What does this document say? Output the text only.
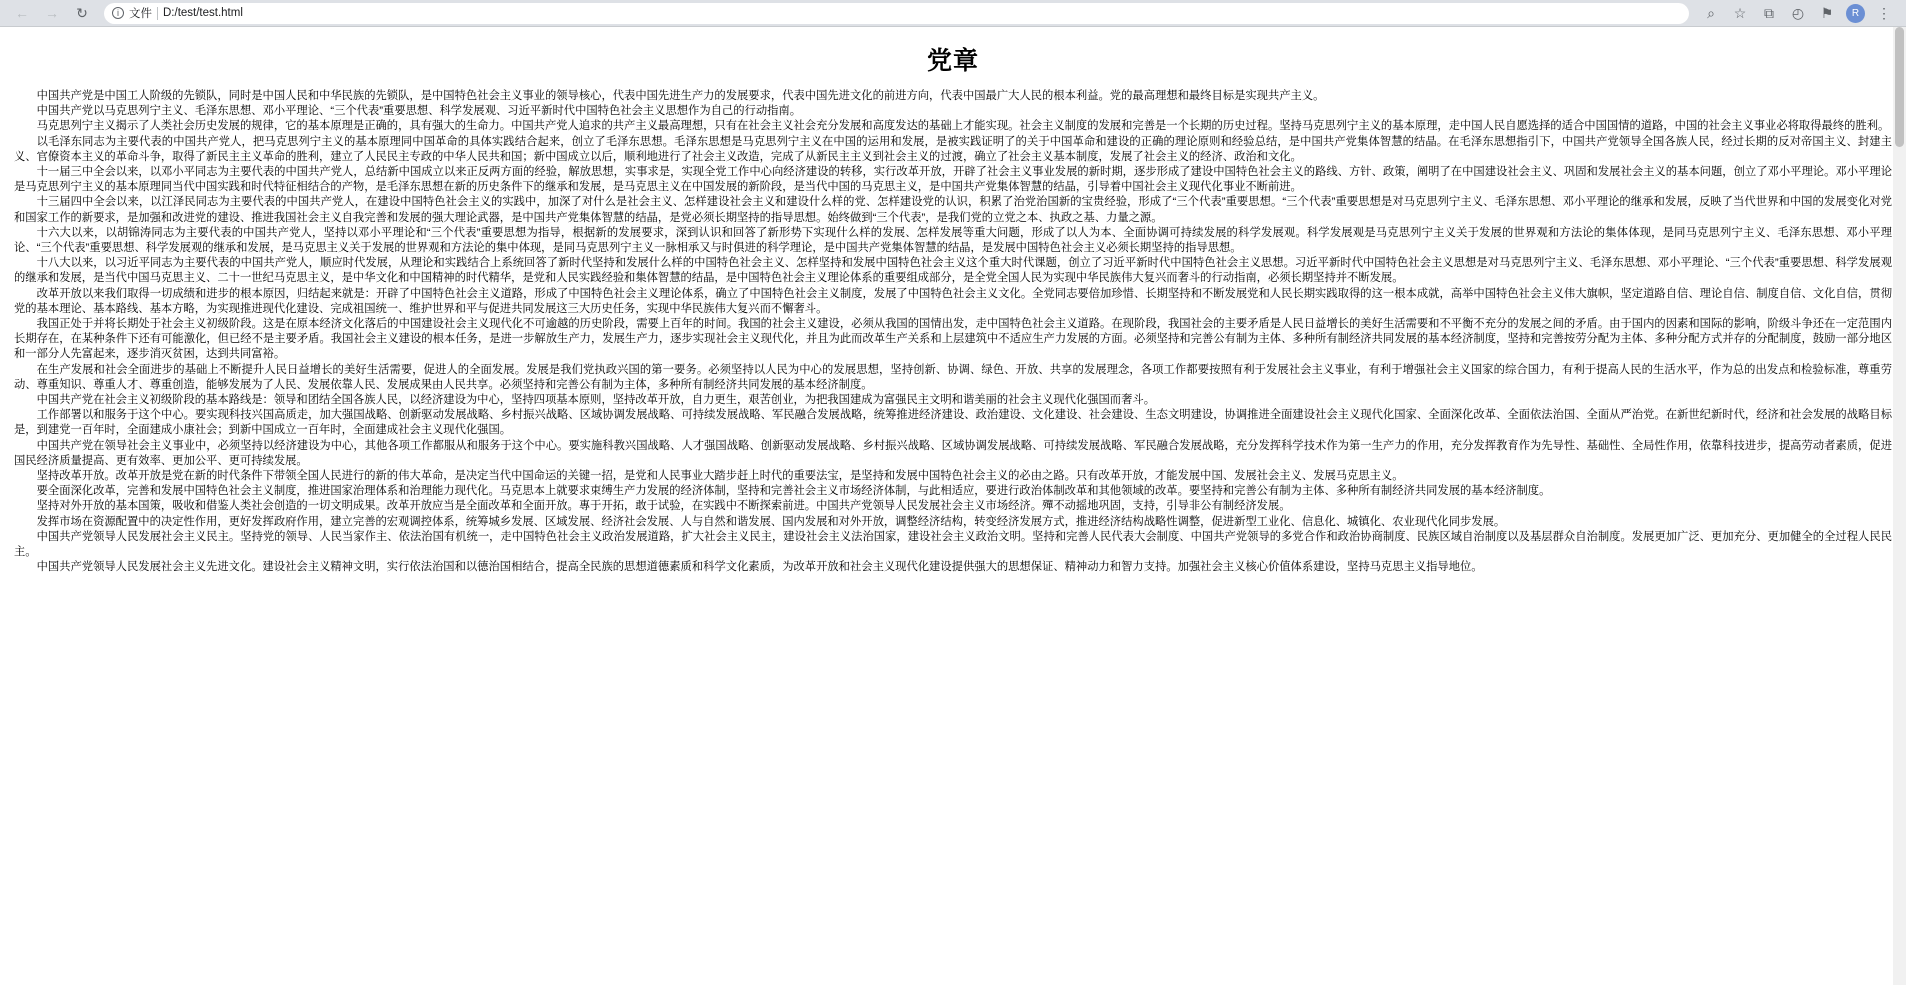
←	→	↻	i 文件 D:/test/test.html	⌕	☆	⧉	◴	⚑	R	⋮
党章

中国共产党是中国工人阶级的先锁队，同时是中国人民和中华民族的先锁队，是中国特色社会主义事业的领导核心，代表中国先进生产力的发展要求，代表中国先进文化的前进方向，代表中国最广大人民的根本利益。党的最高理想和最终目标是实现共产主义。

中国共产党以马克思列宁主义、毛泽东思想、邓小平理论、“三个代表”重要思想、科学发展观、习近平新时代中国特色社会主义思想作为自己的行动指南。

马克思列宁主义揭示了人类社会历史发展的规律，它的基本原理是正确的，具有强大的生命力。中国共产党人追求的共产主义最高理想，只有在社会主义社会充分发展和高度发达的基础上才能实现。社会主义制度的发展和完善是一个长期的历史过程。坚持马克思列宁主义的基本原理，走中国人民自愿选择的适合中国国情的道路，中国的社会主义事业必将取得最终的胜利。

以毛泽东同志为主要代表的中国共产党人，把马克思列宁主义的基本原理同中国革命的具体实践结合起来，创立了毛泽东思想。毛泽东思想是马克思列宁主义在中国的运用和发展，是被实践证明了的关于中国革命和建设的正确的理论原则和经验总结，是中国共产党集体智慧的结晶。在毛泽东思想指引下，中国共产党领导全国各族人民，经过长期的反对帝国主义、封建主义、官僚资本主义的革命斗争，取得了新民主主义革命的胜利，建立了人民民主专政的中华人民共和国；新中国成立以后，顺利地进行了社会主义改造，完成了从新民主主义到社会主义的过渡，确立了社会主义基本制度，发展了社会主义的经济、政治和文化。

十一届三中全会以来，以邓小平同志为主要代表的中国共产党人，总结新中国成立以来正反两方面的经验，解放思想，实事求是，实现全党工作中心向经济建设的转移，实行改革开放，开辟了社会主义事业发展的新时期，逐步形成了建设中国特色社会主义的路线、方针、政策，阐明了在中国建设社会主义、巩固和发展社会主义的基本问题，创立了邓小平理论。邓小平理论是马克思列宁主义的基本原理同当代中国实践和时代特征相结合的产物，是毛泽东思想在新的历史条件下的继承和发展，是马克思主义在中国发展的新阶段，是当代中国的马克思主义，是中国共产党集体智慧的结晶，引导着中国社会主义现代化事业不断前进。

十三届四中全会以来，以江泽民同志为主要代表的中国共产党人，在建设中国特色社会主义的实践中，加深了对什么是社会主义、怎样建设社会主义和建设什么样的党、怎样建设党的认识，积累了治党治国新的宝贵经验，形成了“三个代表”重要思想。“三个代表”重要思想是对马克思列宁主义、毛泽东思想、邓小平理论的继承和发展，反映了当代世界和中国的发展变化对党和国家工作的新要求，是加强和改进党的建设、推进我国社会主义自我完善和发展的强大理论武器，是中国共产党集体智慧的结晶，是党必须长期坚持的指导思想。始终做到“三个代表”，是我们党的立党之本、执政之基、力量之源。

十六大以来，以胡锦涛同志为主要代表的中国共产党人，坚持以邓小平理论和“三个代表”重要思想为指导，根据新的发展要求，深到认识和回答了新形势下实现什么样的发展、怎样发展等重大问题，形成了以人为本、全面协调可持续发展的科学发展观。科学发展观是马克思列宁主义关于发展的世界观和方法论的集体体现，是同马克思列宁主义、毛泽东思想、邓小平理论、“三个代表”重要思想、科学发展观的继承和发展，是马克思主义关于发展的世界观和方法论的集中体现，是同马克思列宁主义一脉相承又与时俱进的科学理论，是中国共产党集体智慧的结晶，是发展中国特色社会主义必须长期坚持的指导思想。

十八大以来，以习近平同志为主要代表的中国共产党人，顺应时代发展，从理论和实践结合上系统回答了新时代坚持和发展什么样的中国特色社会主义、怎样坚持和发展中国特色社会主义这个重大时代课题，创立了习近平新时代中国特色社会主义思想。习近平新时代中国特色社会主义思想是对马克思列宁主义、毛泽东思想、邓小平理论、“三个代表”重要思想、科学发展观的继承和发展，是当代中国马克思主义、二十一世纪马克思主义，是中华文化和中国精神的时代精华，是党和人民实践经验和集体智慧的结晶，是中国特色社会主义理论体系的重要组成部分，是全党全国人民为实现中华民族伟大复兴而奢斗的行动指南，必须长期坚持并不断发展。

改革开放以来我们取得一切成绩和进步的根本原因，归结起来就是：开辟了中国特色社会主义道路，形成了中国特色社会主义理论体系，确立了中国特色社会主义制度，发展了中国特色社会主义文化。全党同志要倍加珍惜、长期坚持和不断发展党和人民长期实践取得的这一根本成就，高举中国特色社会主义伟大旗帜，坚定道路自信、理论自信、制度自信、文化自信，贯彻党的基本理论、基本路线、基本方略，为实现推进现代化建设、完成祖国统一、维护世界和平与促进共同发展这三大历史任务，实现中华民族伟大复兴而不懈奢斗。

我国正处于并将长期处于社会主义初级阶段。这是在原本经济文化落后的中国建设社会主义现代化不可逾越的历史阶段，需要上百年的时间。我国的社会主义建设，必须从我国的国情出发，走中国特色社会主义道路。在现阶段，我国社会的主要矛盾是人民日益增长的美好生活需要和不平衡不充分的发展之间的矛盾。由于国内的因素和国际的影响，阶级斗争还在一定范围内长期存在，在某种条件下还有可能激化，但已经不是主要矛盾。我国社会主义建设的根本任务，是进一步解放生产力，发展生产力，逐步实现社会主义现代化，并且为此而改革生产关系和上层建筑中不适应生产力发展的方面。必须坚持和完善公有制为主体、多种所有制经济共同发展的基本经济制度，坚持和完善按劳分配为主体、多种分配方式并存的分配制度，鼓励一部分地区和一部分人先富起来，逐步消灭贫困，达到共同富裕。

在生产发展和社会全面进步的基础上不断提升人民日益增长的美好生活需要，促进人的全面发展。发展是我们党执政兴国的第一要务。必须坚持以人民为中心的发展思想，坚持创新、协调、绿色、开放、共享的发展理念，各项工作都要按照有利于发展社会主义事业，有利于增强社会主义国家的综合国力，有利于提高人民的生活水平，作为总的出发点和检验标准，尊重劳动、尊重知识、尊重人才、尊重创造，能够发展为了人民、发展依靠人民、发展成果由人民共享。必须坚持和完善公有制为主体，多种所有制经济共同发展的基本经济制度。

中国共产党在社会主义初级阶段的基本路线是：领导和团结全国各族人民，以经济建设为中心，坚持四项基本原则，坚持改革开放，自力更生，艰苦创业，为把我国建成为富强民主文明和谐美丽的社会主义现代化强国而奢斗。

工作部署以和服务于这个中心。要实现科技兴国高质走，加大强国战略、创新驱动发展战略、乡村振兴战略、区域协调发展战略、可持续发展战略、军民融合发展战略，统筹推进经济建设、政治建设、文化建设、社会建设、生态文明建设，协调推进全面建设社会主义现代化国家、全面深化改革、全面依法治国、全面从严治党。在新世纪新时代，经济和社会发展的战略目标是，到建党一百年时，全面建成小康社会；到新中国成立一百年时，全面建成社会主义现代化强国。

中国共产党在领导社会主义事业中，必须坚持以经济建设为中心，其他各项工作都服从和服务于这个中心。要实施科教兴国战略、人才强国战略、创新驱动发展战略、乡村振兴战略、区域协调发展战略、可持续发展战略、军民融合发展战略，充分发挥科学技术作为第一生产力的作用，充分发挥教育作为先导性、基础性、全局性作用，依靠科技进步，提高劳动者素质，促进国民经济质量提高、更有效率、更加公平、更可持续发展。

坚持改革开放。改革开放是党在新的时代条件下带领全国人民进行的新的伟大革命，是决定当代中国命运的关键一招，是党和人民事业大踏步赶上时代的重要法宝，是坚持和发展中国特色社会主义的必由之路。只有改革开放，才能发展中国、发展社会主义、发展马克思主义。

要全面深化改革，完善和发展中国特色社会主义制度，推进国家治理体系和治理能力现代化。马克思本上就要求束缚生产力发展的经济体制，坚持和完善社会主义市场经济体制，与此相适应，要进行政治体制改革和其他领域的改革。要坚持和完善公有制为主体、多种所有制经济共同发展的基本经济制度。

坚持对外开放的基本国策，吸收和借鉴人类社会创造的一切文明成果。改革开放应当是全面改革和全面开放。專于开拓，敢于试验，在实践中不断探索前进。中国共产党领导人民发展社会主义市场经济。殫不动摇地巩固，支持，引导非公有制经济发展。

发挥市场在资源配置中的决定性作用，更好发挥政府作用，建立完善的宏观调控体系，统筹城乡发展、区域发展、经济社会发展、人与自然和谐发展、国内发展和对外开放，调整经济结构，转变经济发展方式，推进经济结构战略性调整，促进新型工业化、信息化、城镇化、农业现代化同步发展。

中国共产党领导人民发展社会主义民主。坚持党的领导、人民当家作主、依法治国有机统一，走中国特色社会主义政治发展道路，扩大社会主义民主，建设社会主义法治国家，建设社会主义政治文明。坚持和完善人民代表大会制度、中国共产党领导的多党合作和政治协商制度、民族区域自治制度以及基层群众自治制度。发展更加广泛、更加充分、更加健全的全过程人民民主。

中国共产党领导人民发展社会主义先进文化。建设社会主义精神文明，实行依法治国和以德治国相结合，提高全民族的思想道德素质和科学文化素质，为改革开放和社会主义现代化建设提供强大的思想保证、精神动力和智力支持。加强社会主义核心价值体系建设，坚持马克思主义指导地位。
